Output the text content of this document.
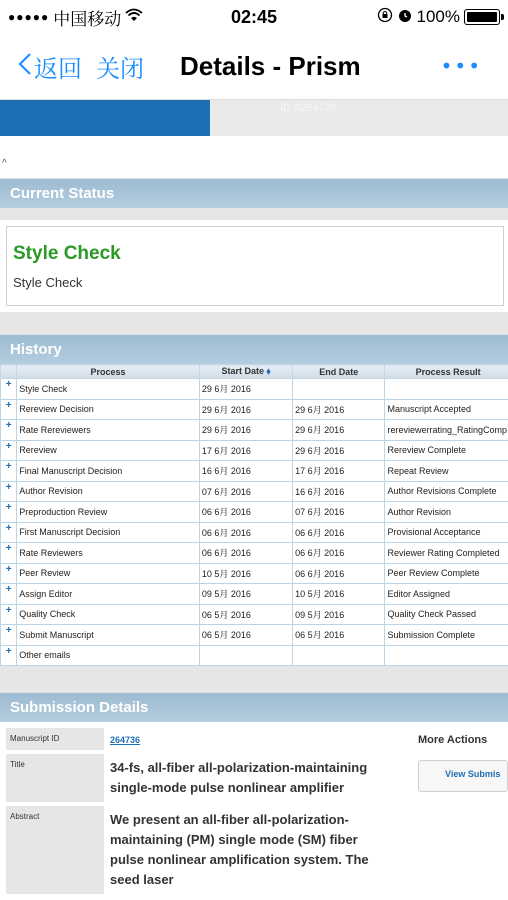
●●●●● 中国移动	02:45	100%
返回 关闭 Details - Prism	•••
ID #264736
^
Current Status
Style Check
Style Check
History
	Process	Start Date ⬧	End Date	Process Result	
+	Style Check	29 6月 2016			
+	Rereview Decision	29 6月 2016	29 6月 2016	Manuscript Accepted	
+	Rate Rereviewers	29 6月 2016	29 6月 2016	rereviewerrating_RatingComp	
+	Rereview	17 6月 2016	29 6月 2016	Rereview Complete	
+	Final Manuscript Decision	16 6月 2016	17 6月 2016	Repeat Review	
+	Author Revision	07 6月 2016	16 6月 2016	Author Revisions Complete	
+	Preproduction Review	06 6月 2016	07 6月 2016	Author Revision	
+	First Manuscript Decision	06 6月 2016	06 6月 2016	Provisional Acceptance	
+	Rate Reviewers	06 6月 2016	06 6月 2016	Reviewer Rating Completed	
+	Peer Review	10 5月 2016	06 6月 2016	Peer Review Complete	
+	Assign Editor	09 5月 2016	10 5月 2016	Editor Assigned	
+	Quality Check	06 5月 2016	09 5月 2016	Quality Check Passed	
+	Submit Manuscript	06 5月 2016	06 5月 2016	Submission Complete	
+	Other emails				
Submission Details
Manuscript ID	264736
Title	34-fs, all-fiber all-polarization-maintaining single-mode pulse nonlinear amplifier
Abstract	We present an all-fiber all-polarization-maintaining (PM) single mode (SM) fiber pulse nonlinear amplification system. The seed laser
More Actions
View Submis
